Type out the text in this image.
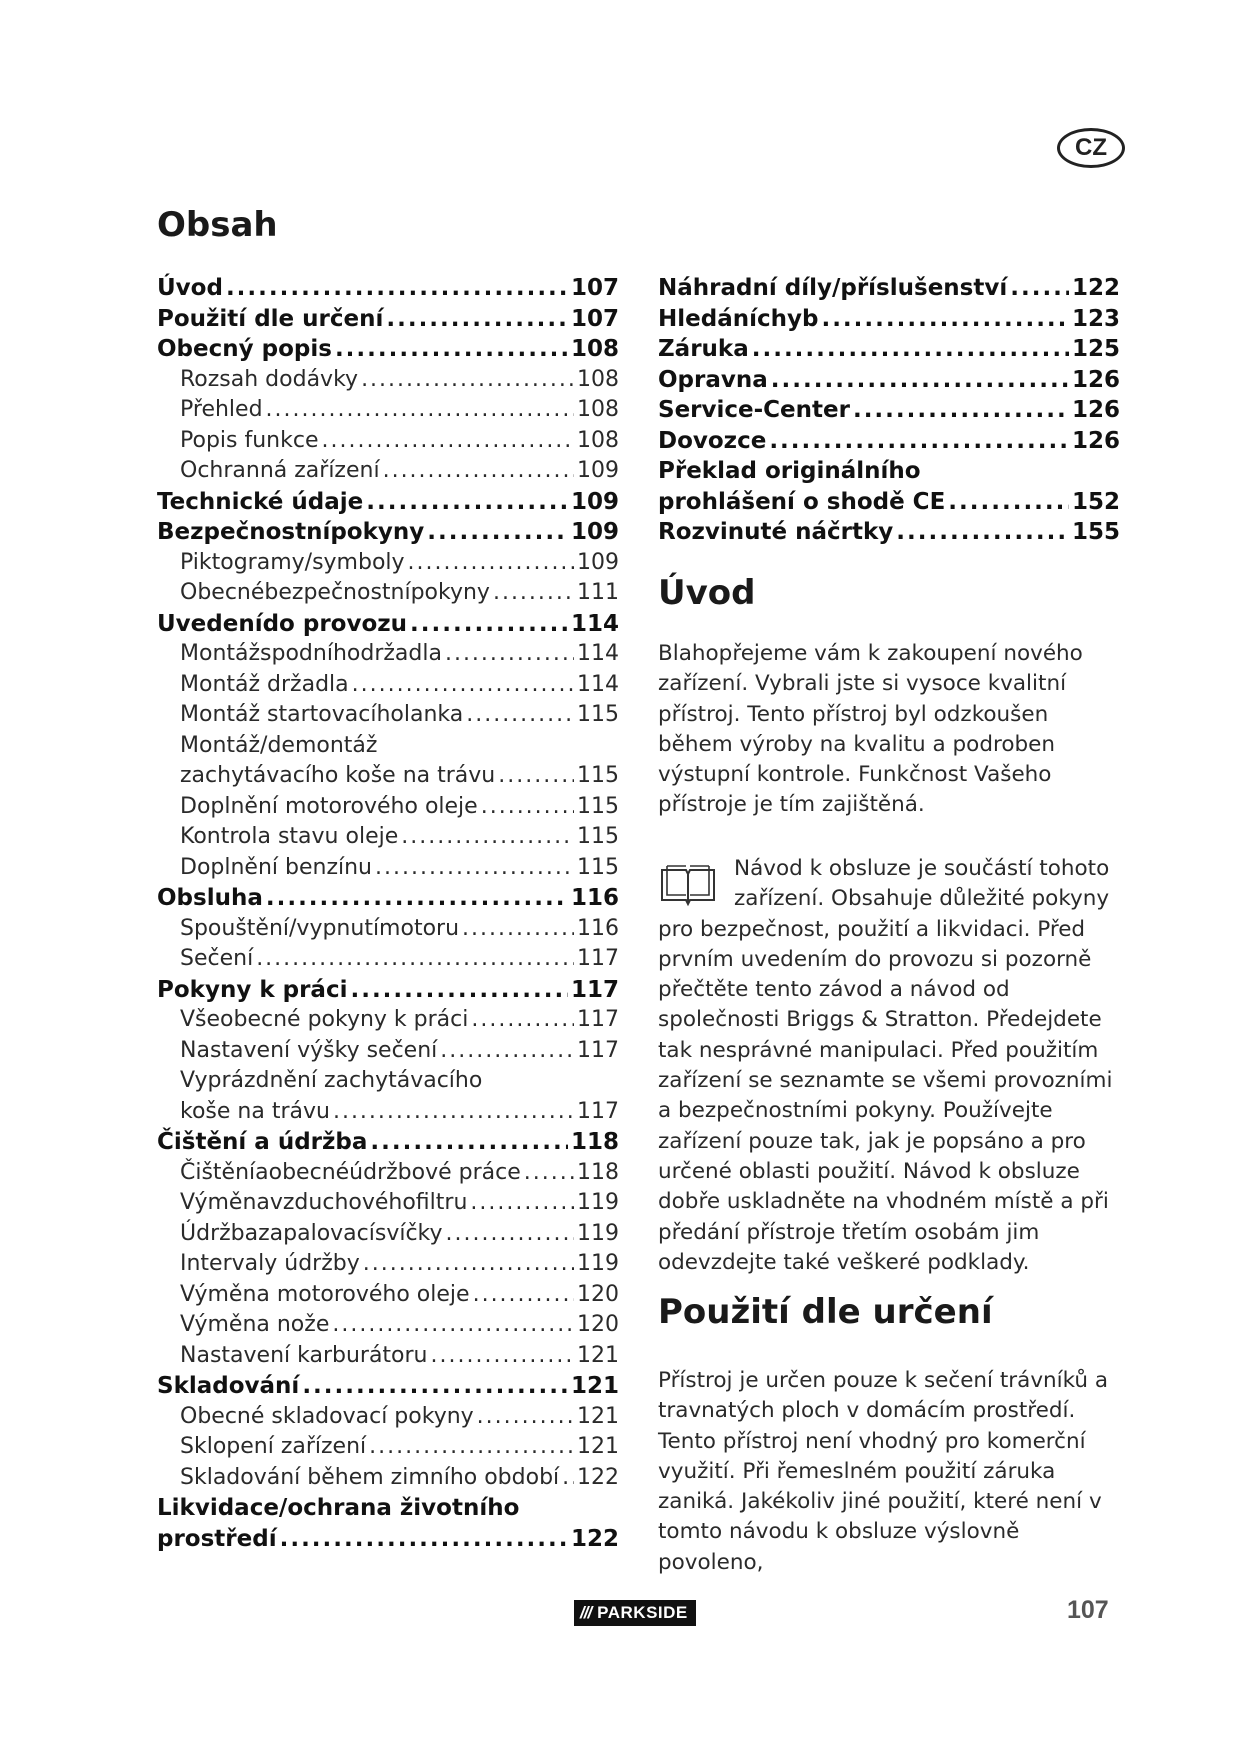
CZ
Obsah
Úvod .....	107
Použití dle určení .....	107
Obecný popis .....	108
Rozsah dodávky .....	108
Přehled .....	108
Popis funkce .....	108
Ochranná zařízení .....	109
Technické údaje .....	109
Bezpečnostnípokyny .....	109
Piktogramy/symboly .....	109
Obecnébezpečnostnípokyny .....	111
Uvedenído provozu .....	114
Montážspodníhodržadla .....	114
Montáž držadla .....	114
Montáž startovacíholanka .....	115
Montáž/demontáž
zachytávacího koše na trávu .....	115
Doplnění motorového oleje .....	115
Kontrola stavu oleje .....	115
Doplnění benzínu .....	115
Obsluha .....	116
Spouštění/vypnutímotoru .....	116
Sečení .....	117
Pokyny k práci .....	117
Všeobecné pokyny k práci .....	117
Nastavení výšky sečení .....	117
Vyprázdnění zachytávacího
koše na trávu .....	117
Čištění a údržba .....	118
Čištěníaobecnéúdržbové práce .....	118
Výměnavzduchovéhofiltru .....	119
Údržbazapalovacísvíčky .....	119
Intervaly údržby .....	119
Výměna motorového oleje .....	120
Výměna nože .....	120
Nastavení karburátoru .....	121
Skladování .....	121
Obecné skladovací pokyny .....	121
Sklopení zařízení .....	121
Skladování během zimního období ..... 122
Likvidace/ochrana životního
prostředí .....	122
Náhradní díly/příslušenství .....	122
Hledáníchyb .....	123
Záruka .....	125
Opravna .....	126
Service-Center .....	126
Dovozce .....	126
Překlad originálního
prohlášení o shodě CE .....	152
Rozvinuté náčrtky .....	155
Úvod

Blahopřejeme vám k zakoupení nového zařízení. Vybrali jste si vysoce kvalitní přístroj. Tento přístroj byl odzkoušen během výroby na kvalitu a podroben výstupní kontrole. Funkčnost Vašeho přístroje je tím zajištěná.

Návod k obsluze je součástí tohoto zařízení. Obsahuje důležité pokyny
pro bezpečnost, použití a likvidaci. Před prvním uvedením do provozu si pozorně přečtěte tento závod a návod od společnosti Briggs & Stratton. Předejdete tak nesprávné manipulaci. Před použitím zařízení se seznamte se všemi provozními a bezpečnostními pokyny. Používejte zařízení pouze tak, jak je popsáno a pro určené oblasti použití. Návod k obsluze dobře uskladněte na vhodném místě a při předání přístroje třetím osobám jim odevzdejte také veškeré podklady.

Použití dle určení

Přístroj je určen pouze k sečení trávníků a travnatých ploch v domácím prostředí. Tento přístroj není vhodný pro komerční využití. Při řemeslném použití záruka zaniká. Jakékoliv jiné použití, které není v tomto návodu k obsluze výslovně povoleno,

/// PARKSIDE	107
